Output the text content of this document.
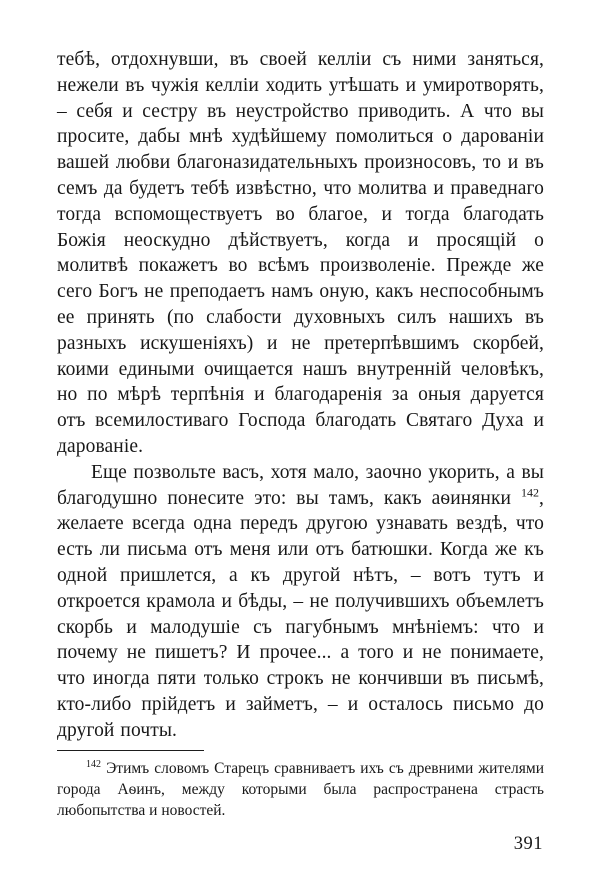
тебѣ, отдохнувши, въ своей келліи съ ними заняться, нежели въ чужія келліи ходить утѣшать и умиротворять, – себя и сестру въ неустройство приводить. А что вы просите, дабы мнѣ худѣйшему помолиться о дарованіи вашей любви благоназидательныхъ произносовъ, то и въ семъ да будетъ тебѣ извѣстно, что молитва и праведнаго тогда вспомоществуетъ во благое, и тогда благодать Божія неоскудно дѣйствуетъ, когда и просящій о молитвѣ покажетъ во всѣмъ произволеніе. Прежде же сего Богъ не преподаетъ намъ оную, какъ неспособнымъ ее принять (по слабости духовныхъ силъ нашихъ въ разныхъ искушеніяхъ) и не претерпѣвшимъ скорбей, коими едиными очищается нашъ внутренній человѣкъ, но по мѣрѣ терпѣнія и благодаренія за оныя даруется отъ всемилостиваго Господа благодать Святаго Духа и дарованіе.

Еще позвольте васъ, хотя мало, заочно укорить, а вы благодушно понесите это: вы тамъ, какъ аѳинянки $^{142}$, желаете всегда одна передъ другою узнавать вездѣ, что есть ли письма отъ меня или отъ батюшки. Когда же къ одной пришлется, а къ другой нѣтъ, – вотъ тутъ и откроется крамола и бѣды, – не получившихъ объемлетъ скорбь и малодушіе съ пагубнымъ мнѣніемъ: что и почему не пишетъ? И прочее... а того и не понимаете, что иногда пяти только строкъ не кончивши въ письмѣ, кто-либо прійдетъ и займетъ, – и осталось письмо до другой почты.

$^{142}$ Этимъ словомъ Старецъ сравниваетъ ихъ съ древними жителями города Аѳинъ, между которыми была распространена страсть любопытства и новостей.

391
